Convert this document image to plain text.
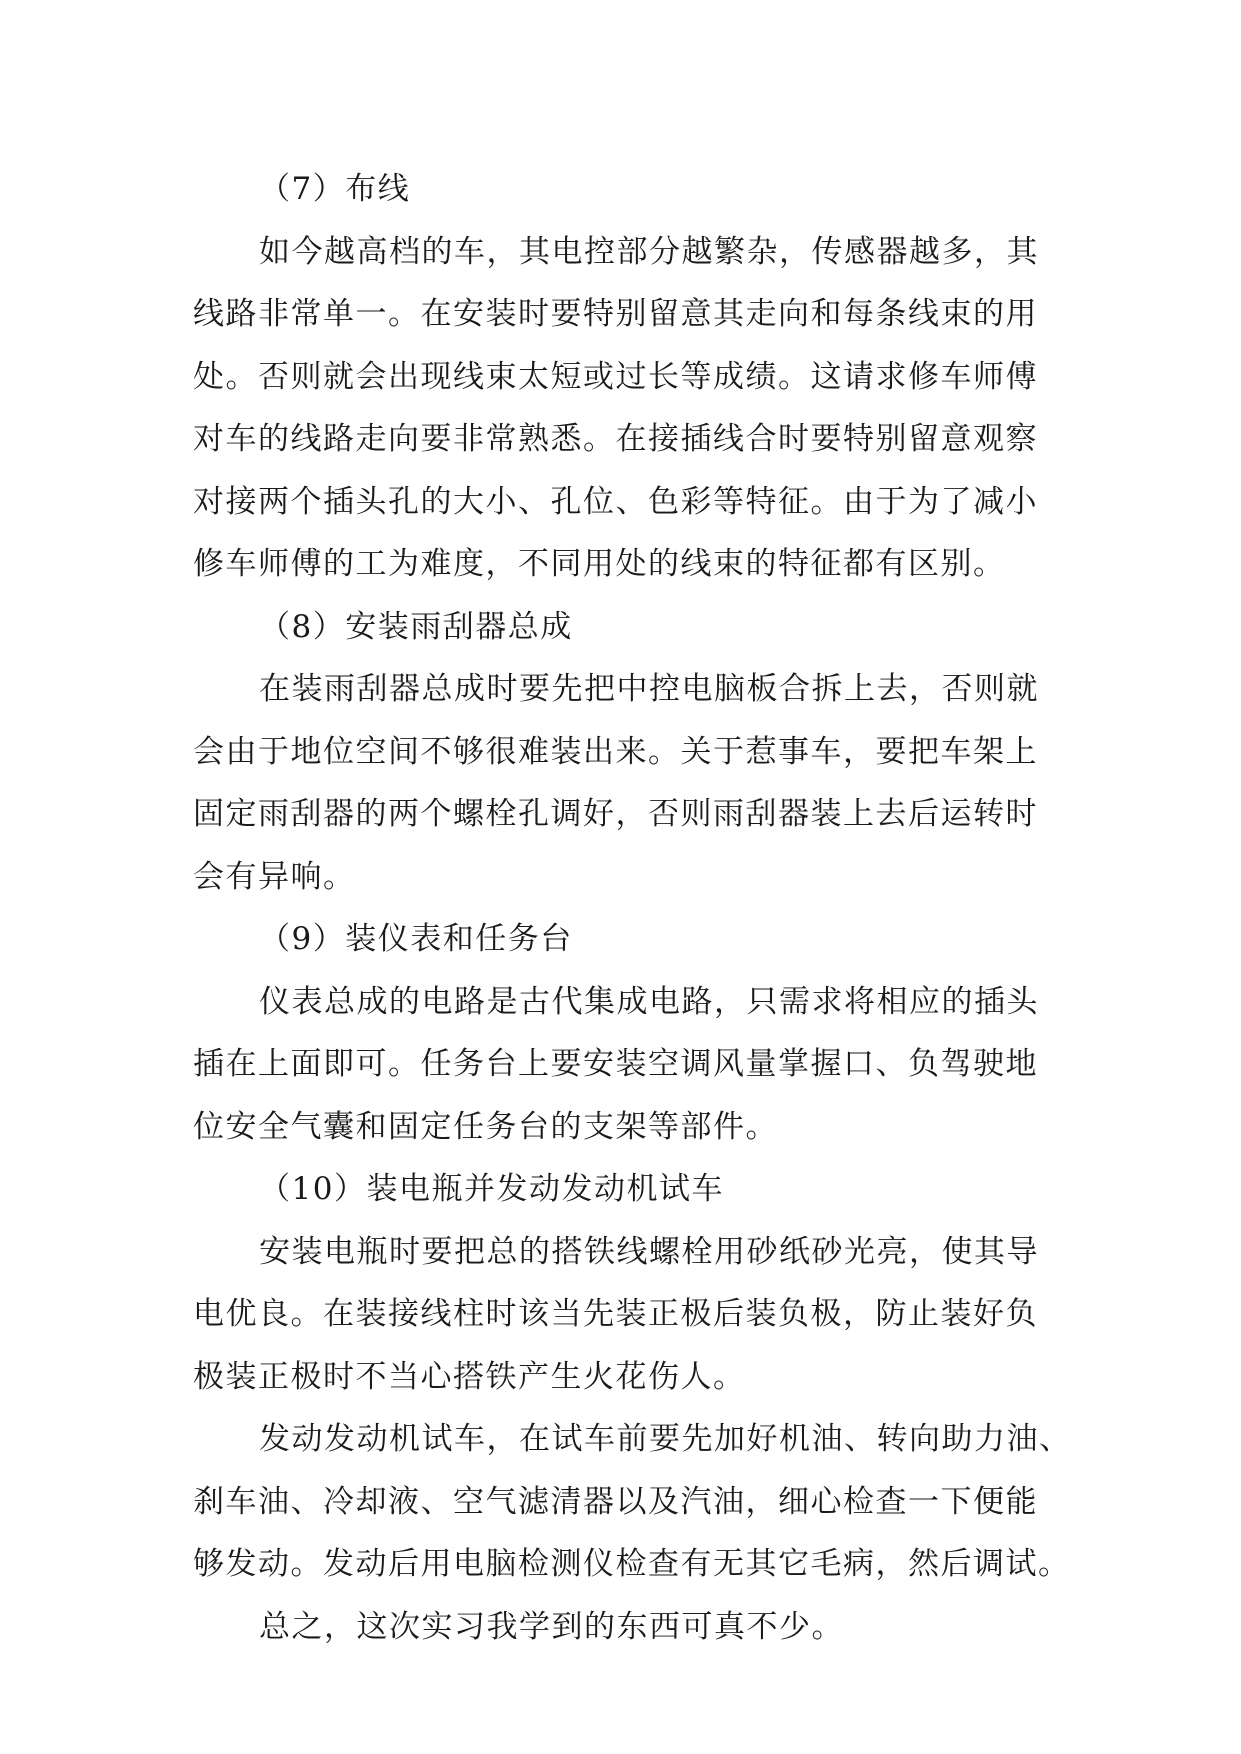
（7）布线
如今越高档的车，其电控部分越繁杂，传感器越多，其
线路非常单一。在安装时要特别留意其走向和每条线束的用
处。否则就会出现线束太短或过长等成绩。这请求修车师傅
对车的线路走向要非常熟悉。在接插线合时要特别留意观察
对接两个插头孔的大小、孔位、色彩等特征。由于为了减小
修车师傅的工为难度，不同用处的线束的特征都有区别。
（8）安装雨刮器总成
在装雨刮器总成时要先把中控电脑板合拆上去，否则就
会由于地位空间不够很难装出来。关于惹事车，要把车架上
固定雨刮器的两个螺栓孔调好，否则雨刮器装上去后运转时
会有异响。
（9）装仪表和任务台
仪表总成的电路是古代集成电路，只需求将相应的插头
插在上面即可。任务台上要安装空调风量掌握口、负驾驶地
位安全气囊和固定任务台的支架等部件。
（10）装电瓶并发动发动机试车
安装电瓶时要把总的搭铁线螺栓用砂纸砂光亮，使其导
电优良。在装接线柱时该当先装正极后装负极，防止装好负
极装正极时不当心搭铁产生火花伤人。
发动发动机试车，在试车前要先加好机油、转向助力油、
刹车油、冷却液、空气滤清器以及汽油，细心检查一下便能
够发动。发动后用电脑检测仪检查有无其它毛病，然后调试。
总之，这次实习我学到的东西可真不少。
